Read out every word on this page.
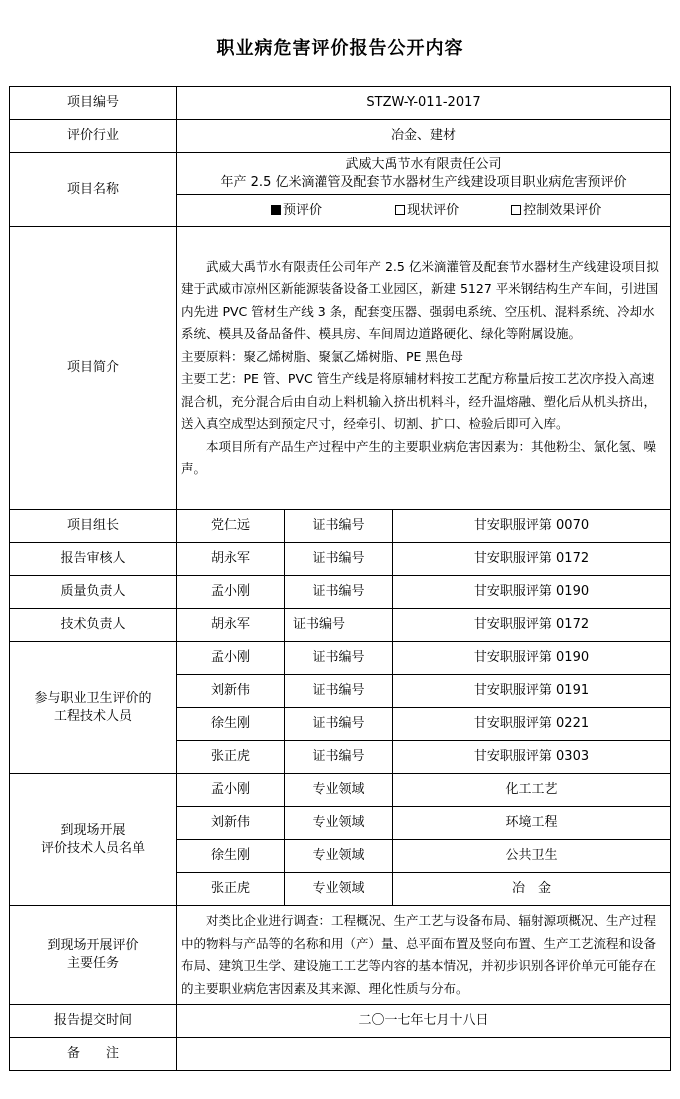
职业病危害评价报告公开内容
项目编号	STZW-Y-011-2017		
评价行业	冶金、建材		
项目名称	武威大禹节水有限责任公司
年产 2.5 亿米滴灌管及配套节水器材生产线建设项目职业病危害预评价		

	预评价 现状评价 控制效果评价		
项目简介	武威大禹节水有限责任公司年产 2.5 亿米滴灌管及配套节水器材生产线建设项目拟建于武威市凉州区新能源装备设备工业园区，新建 5127 平米钢结构生产车间，引进国内先进 PVC 管材生产线 3 条，配套变压器、强弱电系统、空压机、混料系统、冷却水系统、模具及备品备件、模具房、车间周边道路硬化、绿化等附属设施。

主要原料：聚乙烯树脂、聚氯乙烯树脂、PE 黑色母

主要工艺：PE 管、PVC 管生产线是将原辅材料按工艺配方称量后按工艺次序投入高速混合机，充分混合后由自动上料机输入挤出机料斗，经升温熔融、塑化后从机头挤出，送入真空成型达到预定尺寸，经牵引、切割、扩口、检验后即可入库。

本项目所有产品生产过程中产生的主要职业病危害因素为：其他粉尘、氯化氢、噪声。		

项目组长	党仁远	证书编号	甘安职服评第 0070
报告审核人	胡永军	证书编号	甘安职服评第 0172
质量负责人	孟小刚	证书编号	甘安职服评第 0190
技术负责人	胡永军	证书编号	甘安职服评第 0172

参与职业卫生评价的
工程技术人员	孟小刚	证书编号	甘安职服评第 0190
	刘新伟	证书编号	甘安职服评第 0191
	徐生刚	证书编号	甘安职服评第 0221
	张正虎	证书编号	甘安职服评第 0303

到现场开展
评价技术人员名单	孟小刚	专业领域	化工工艺
	刘新伟	专业领域	环境工程
	徐生刚	专业领域	公共卫生
	张正虎	专业领域	冶　金

到现场开展评价
主要任务	对类比企业进行调查：工程概况、生产工艺与设备布局、辐射源项概况、生产过程中的物料与产品等的名称和用（产）量、总平面布置及竖向布置、生产工艺流程和设备布局、建筑卫生学、建设施工工艺等内容的基本情况，并初步识别各评价单元可能存在的主要职业病危害因素及其来源、理化性质与分布。		
报告提交时间	二〇一七年七月十八日		
备　　注			
